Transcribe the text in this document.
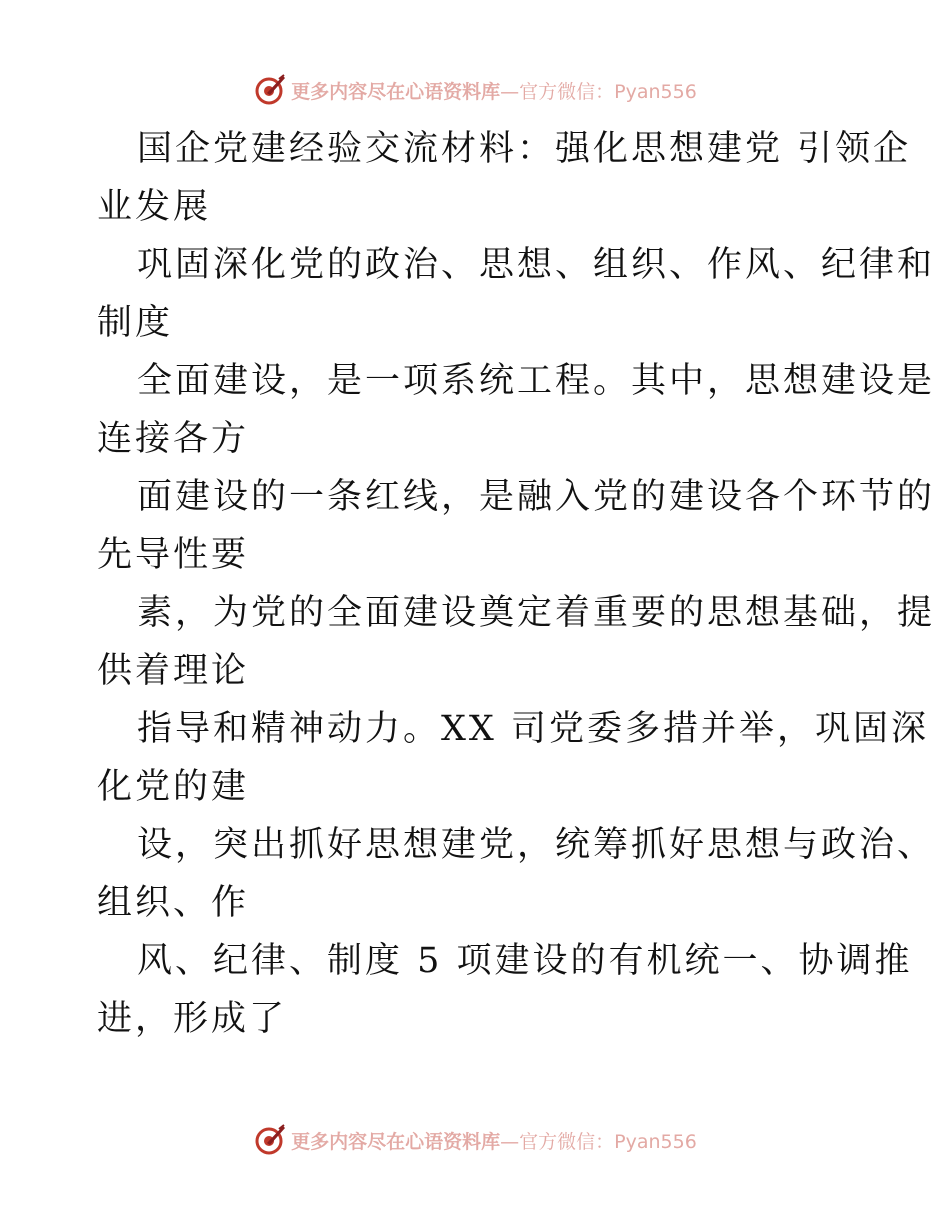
更多内容尽在心语资料库 —官方微信：Pyan556
国企党建经验交流材料：强化思想建党 引领企
业发展
巩固深化党的政治、思想、组织、作风、纪律和
制度
全面建设，是一项系统工程。其中，思想建设是
连接各方
面建设的一条红线，是融入党的建设各个环节的
先导性要
素，为党的全面建设奠定着重要的思想基础，提
供着理论
指导和精神动力。XX 司党委多措并举，巩固深
化党的建
设，突出抓好思想建党，统筹抓好思想与政治、
组织、作
风、纪律、制度 5 项建设的有机统一、协调推
进，形成了
更多内容尽在心语资料库 —官方微信：Pyan556
